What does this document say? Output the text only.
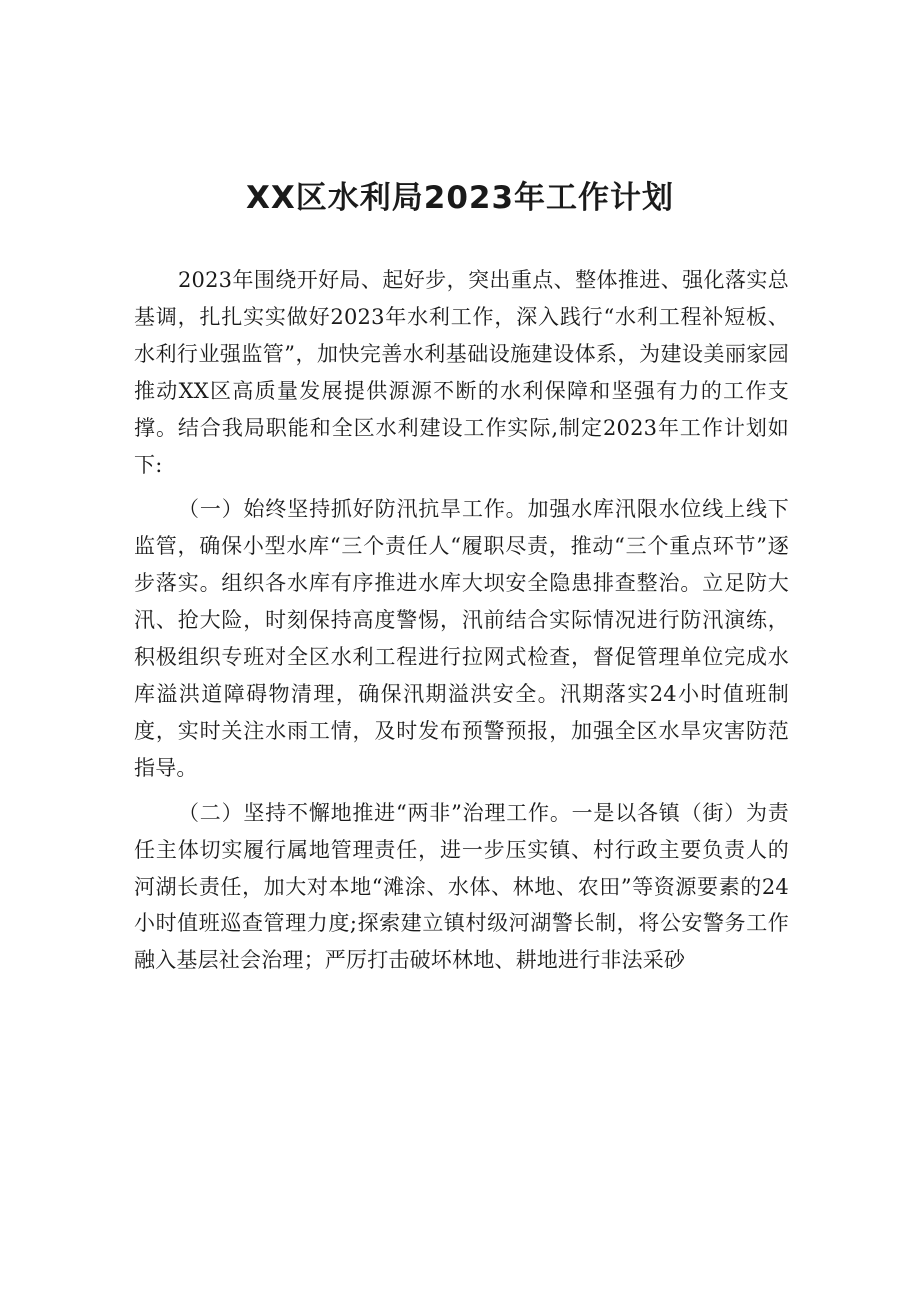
XX区水利局2023年工作计划

2023年围绕开好局、起好步，突出重点、整体推进、强化落实总基调，扎扎实实做好2023年水利工作，深入践行“水利工程补短板、水利行业强监管”，加快完善水利基础设施建设体系，为建设美丽家园推动XX区高质量发展提供源源不断的水利保障和坚强有力的工作支撑。结合我局职能和全区水利建设工作实际,制定2023年工作计划如下:

（一）始终坚持抓好防汛抗旱工作。加强水库汛限水位线上线下监管，确保小型水库“三个责任人“履职尽责，推动“三个重点环节”逐步落实。组织各水库有序推进水库大坝安全隐患排查整治。立足防大汛、抢大险，时刻保持高度警惕，汛前结合实际情况进行防汛演练，积极组织专班对全区水利工程进行拉网式检查，督促管理单位完成水库溢洪道障碍物清理，确保汛期溢洪安全。汛期落实24小时值班制度，实时关注水雨工情，及时发布预警预报，加强全区水旱灾害防范指导。

（二）坚持不懈地推进“两非”治理工作。一是以各镇（街）为责任主体切实履行属地管理责任，进一步压实镇、村行政主要负责人的河湖长责任，加大对本地“滩涂、水体、林地、农田”等资源要素的24小时值班巡查管理力度;探索建立镇村级河湖警长制，将公安警务工作融入基层社会治理；严厉打击破坏林地、耕地进行非法采砂
